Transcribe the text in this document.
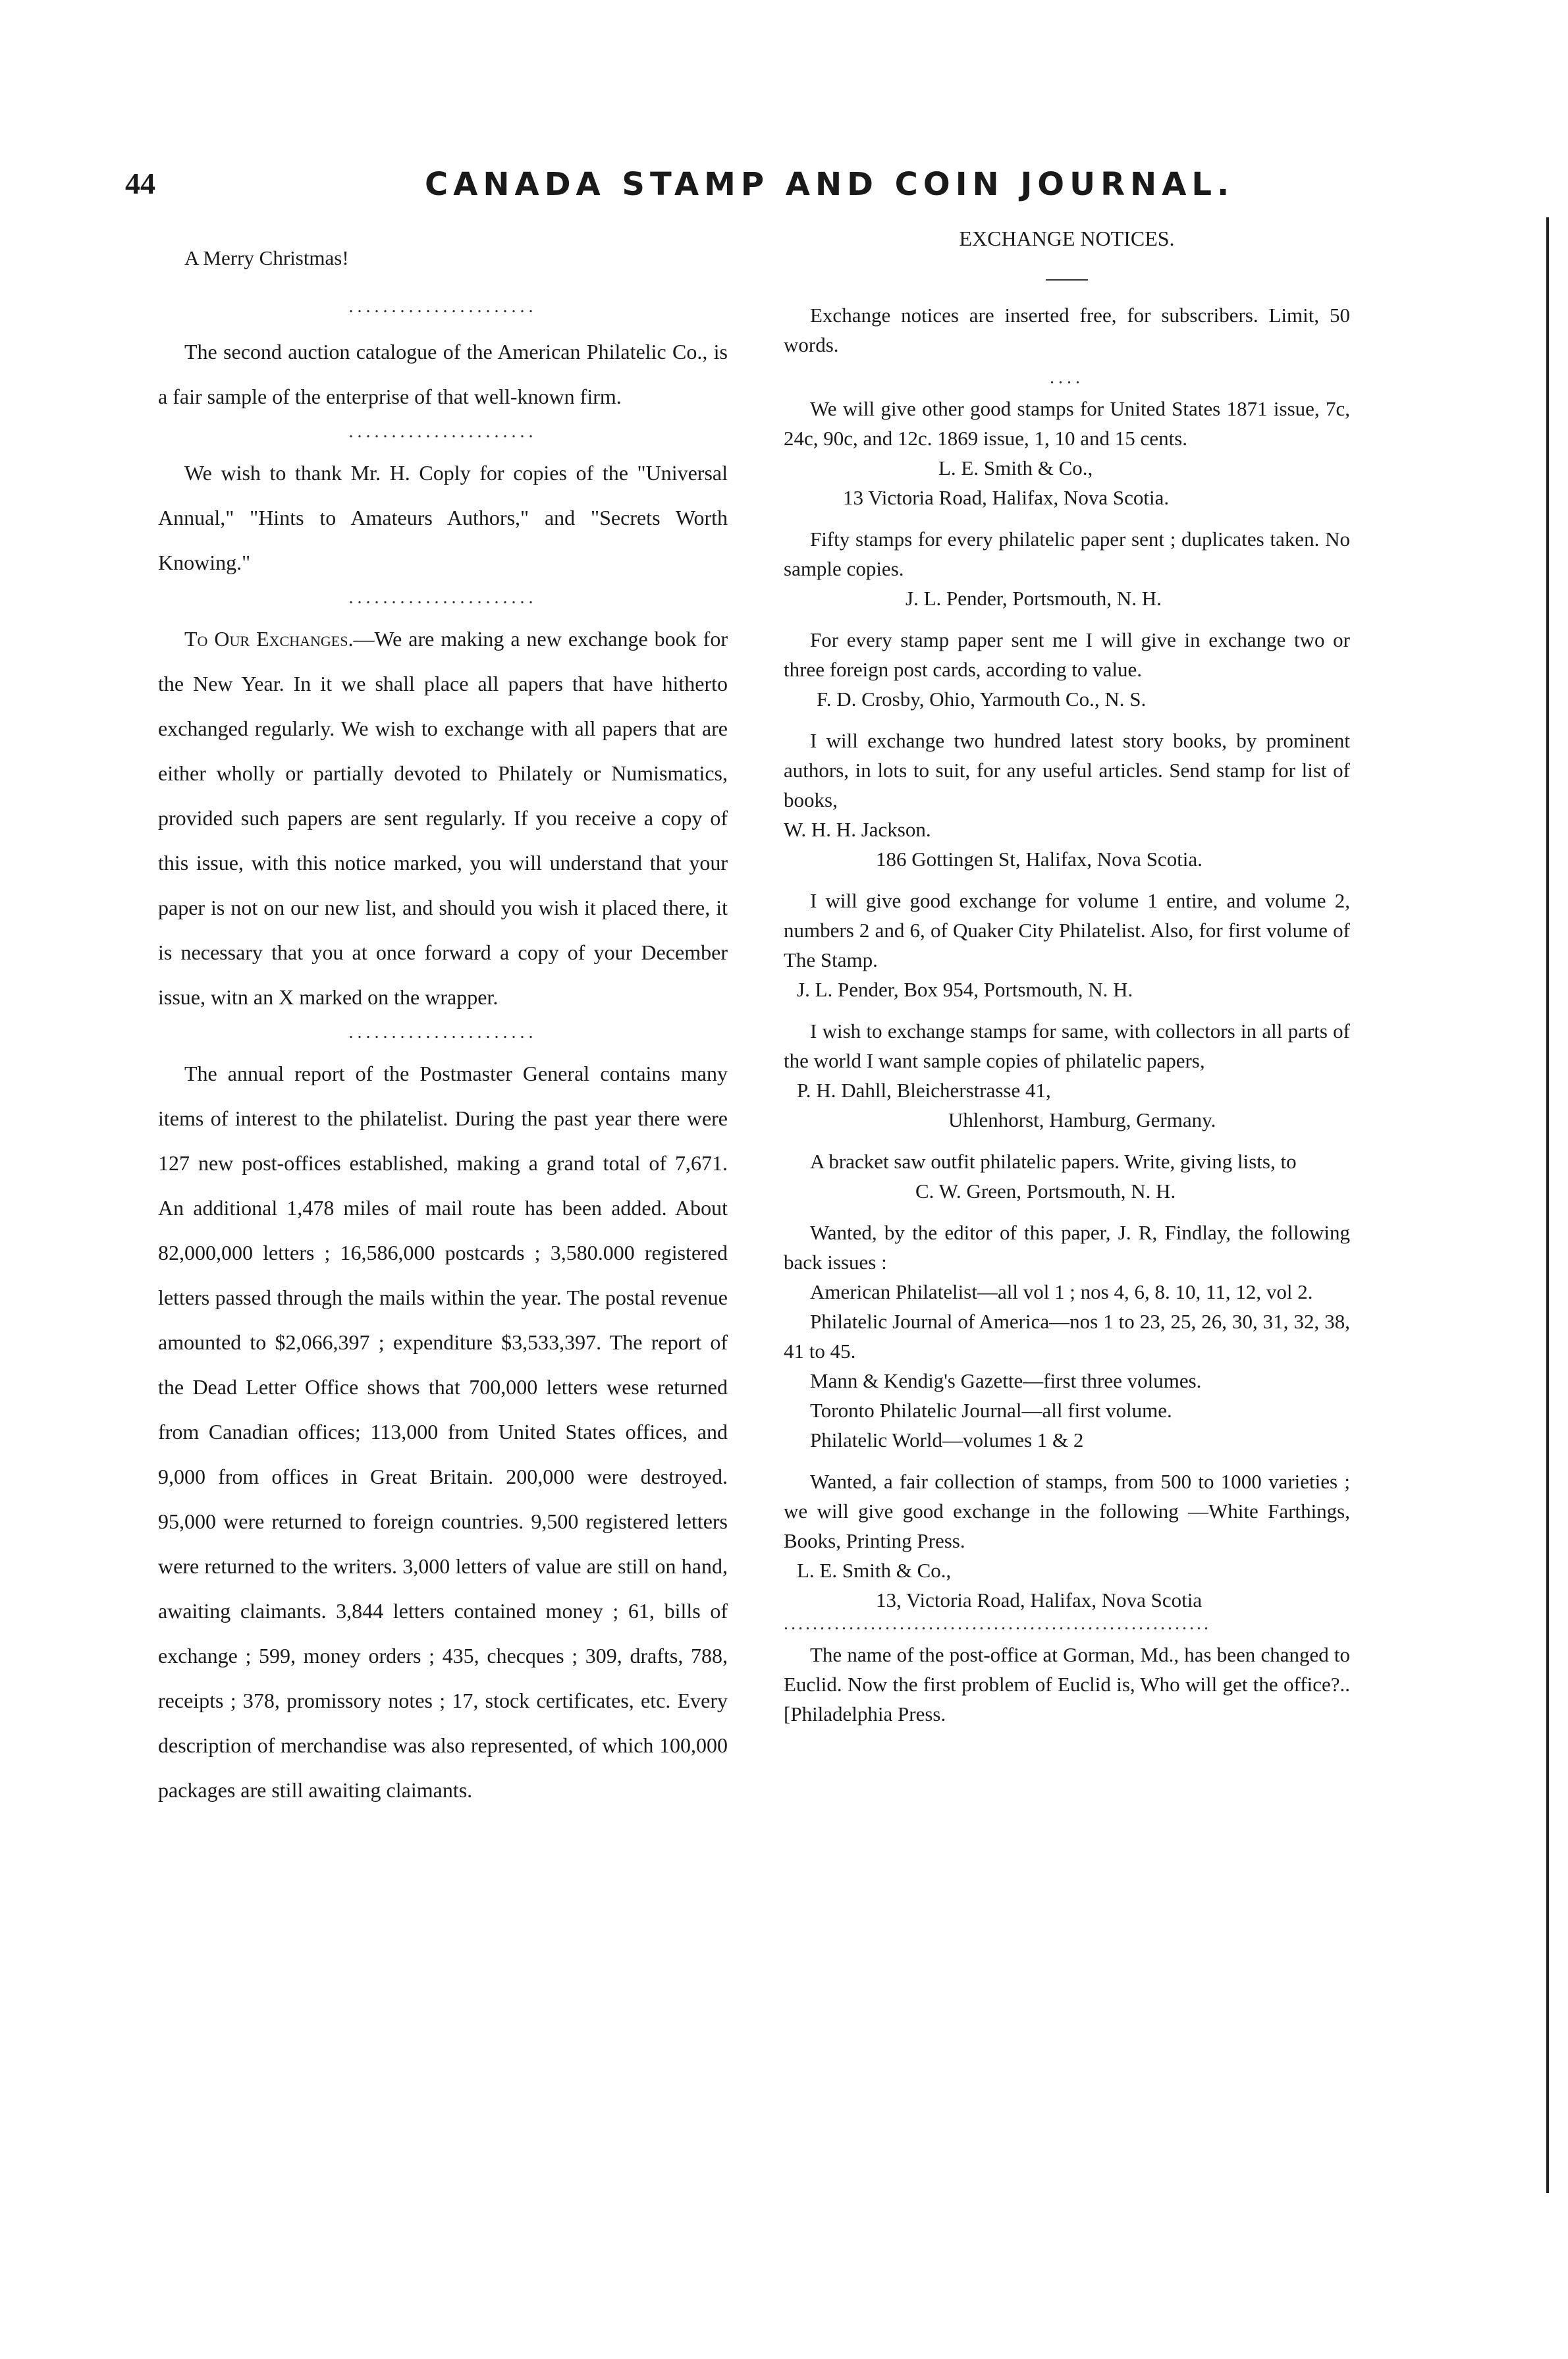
44	CANADA STAMP AND COIN JOURNAL.

A Merry Christmas!

......................

The second auction catalogue of the American Philatelic Co., is a fair sample of the enterprise of that well-known firm.

......................

We wish to thank Mr. H. Coply for copies of the "Universal Annual," "Hints to Amateurs Authors," and "Secrets Worth Knowing."

......................

To Our Exchanges.—We are making a new exchange book for the New Year. In it we shall place all papers that have hitherto exchanged regularly. We wish to exchange with all papers that are either wholly or partially devoted to Philately or Numismatics, provided such papers are sent regularly. If you receive a copy of this issue, with this notice marked, you will understand that your paper is not on our new list, and should you wish it placed there, it is necessary that you at once forward a copy of your December issue, witn an X marked on the wrapper.

......................

The annual report of the Postmaster General contains many items of interest to the philatelist. During the past year there were 127 new post-offices established, making a grand total of 7,671. An additional 1,478 miles of mail route has been added. About 82,000,000 letters ; 16,586,000 postcards ; 3,580.000 registered letters passed through the mails within the year. The postal revenue amounted to $2,066,397 ; expenditure $3,533,397. The report of the Dead Letter Office shows that 700,000 letters wese returned from Canadian offices; 113,000 from United States offices, and 9,000 from offices in Great Britain. 200,000 were destroyed. 95,000 were returned to foreign countries. 9,500 registered letters were returned to the writers. 3,000 letters of value are still on hand, awaiting claimants. 3,844 letters contained money ; 61, bills of exchange ; 599, money orders ; 435, checques ; 309, drafts, 788, receipts ; 378, promissory notes ; 17, stock certificates, etc. Every description of merchandise was also represented, of which 100,000 packages are still awaiting claimants.

EXCHANGE NOTICES.

Exchange notices are inserted free, for subscribers. Limit, 50 words.

....

We will give other good stamps for United States 1871 issue, 7c, 24c, 90c, and 12c. 1869 issue, 1, 10 and 15 cents.

L. E. Smith & Co.,

13 Victoria Road, Halifax, Nova Scotia.

Fifty stamps for every philatelic paper sent ; duplicates taken. No sample copies.

J. L. Pender, Portsmouth, N. H.

For every stamp paper sent me I will give in exchange two or three foreign post cards, according to value.

F. D. Crosby, Ohio, Yarmouth Co., N. S.

I will exchange two hundred latest story books, by prominent authors, in lots to suit, for any useful articles. Send stamp for list of books,

W. H. H. Jackson.

186 Gottingen St, Halifax, Nova Scotia.

I will give good exchange for volume 1 entire, and volume 2, numbers 2 and 6, of Quaker City Philatelist. Also, for first volume of The Stamp.

J. L. Pender, Box 954, Portsmouth, N. H.

I wish to exchange stamps for same, with collectors in all parts of the world I want sample copies of philatelic papers,

P. H. Dahll, Bleicherstrasse 41,

Uhlenhorst, Hamburg, Germany.

A bracket saw outfit philatelic papers. Write, giving lists, to

C. W. Green, Portsmouth, N. H.

Wanted, by the editor of this paper, J. R, Findlay, the following back issues :

American Philatelist—all vol 1 ; nos 4, 6, 8. 10, 11, 12, vol 2.

Philatelic Journal of America—nos 1 to 23, 25, 26, 30, 31, 32, 38, 41 to 45.

Mann & Kendig's Gazette—first three volumes.

Toronto Philatelic Journal—all first volume.

Philatelic World—volumes 1 & 2

Wanted, a fair collection of stamps, from 500 to 1000 varieties ; we will give good exchange in the following —White Farthings, Books, Printing Press.

L. E. Smith & Co.,

13, Victoria Road, Halifax, Nova Scotia

...........................................................

The name of the post-office at Gorman, Md., has been changed to Euclid. Now the first problem of Euclid is, Who will get the office?..[Philadelphia Press.
